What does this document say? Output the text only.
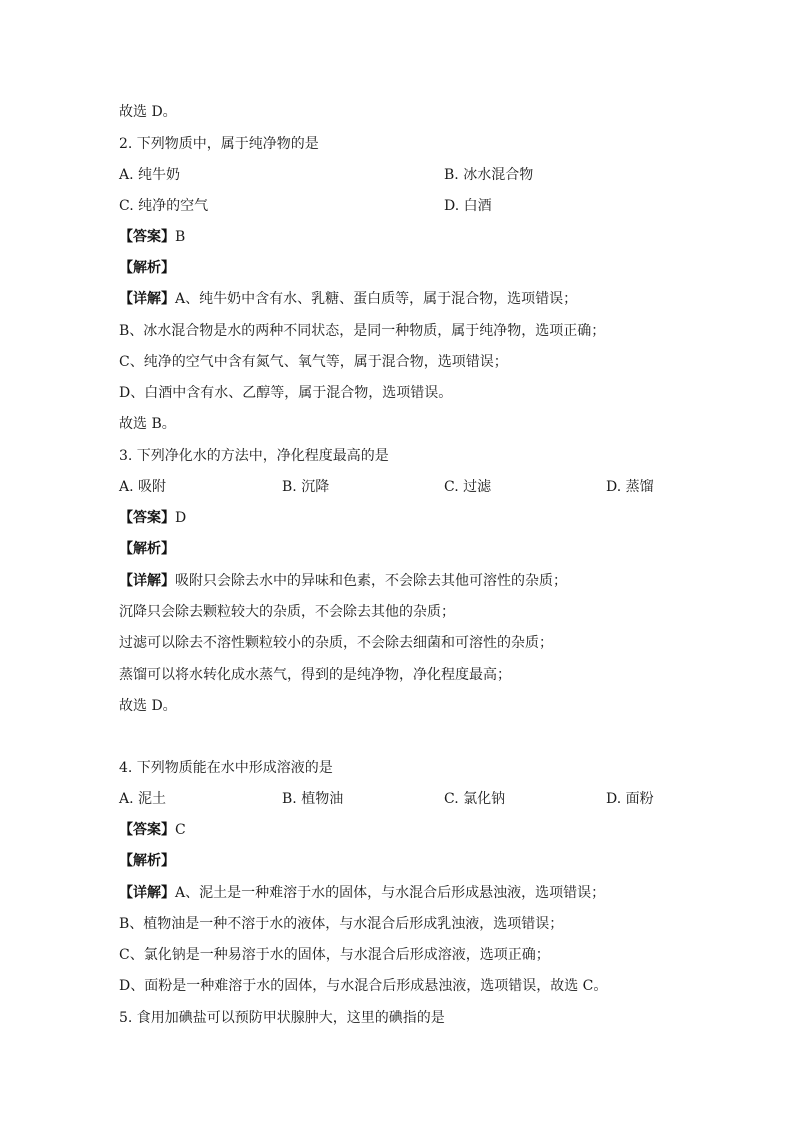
故选 D。
2. 下列物质中，属于纯净物的是
A. 纯牛奶	B. 冰水混合物
C. 纯净的空气	D. 白酒
【答案】B
【解析】
【详解】A、纯牛奶中含有水、乳糖、蛋白质等，属于混合物，选项错误；
B、冰水混合物是水的两种不同状态，是同一种物质，属于纯净物，选项正确；
C、纯净的空气中含有氮气、氧气等，属于混合物，选项错误；
D、白酒中含有水、乙醇等，属于混合物，选项错误。
故选 B。
3. 下列净化水的方法中，净化程度最高的是
A. 吸附	B. 沉降	C. 过滤	D. 蒸馏
【答案】D
【解析】
【详解】吸附只会除去水中的异味和色素，不会除去其他可溶性的杂质；
沉降只会除去颗粒较大的杂质，不会除去其他的杂质；
过滤可以除去不溶性颗粒较小的杂质，不会除去细菌和可溶性的杂质；
蒸馏可以将水转化成水蒸气，得到的是纯净物，净化程度最高；
故选 D。
4. 下列物质能在水中形成溶液的是
A. 泥土	B. 植物油	C. 氯化钠	D. 面粉
【答案】C
【解析】
【详解】A、泥土是一种难溶于水的固体，与水混合后形成悬浊液，选项错误；
B、植物油是一种不溶于水的液体，与水混合后形成乳浊液，选项错误；
C、氯化钠是一种易溶于水的固体，与水混合后形成溶液，选项正确；
D、面粉是一种难溶于水的固体，与水混合后形成悬浊液，选项错误，故选 C。
5. 食用加碘盐可以预防甲状腺肿大，这里的碘指的是
